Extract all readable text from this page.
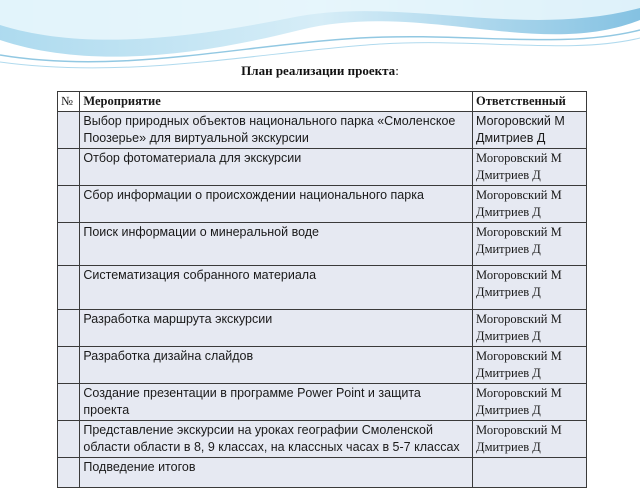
План реализации проекта:
№	Мероприятие	Ответственный
	Выбор природных объектов национального парка «Смоленское Поозерье» для виртуальной экскурсии	Могоровский М Дмитриев Д
	Отбор фотоматериала для экскурсии	Могоровский М Дмитриев Д
	Сбор информации о происхождении национального парка	Могоровский М Дмитриев Д
	Поиск информации о минеральной воде	Могоровский М Дмитриев Д
	Систематизация собранного материала	Могоровский М Дмитриев Д
	Разработка маршрута экскурсии	Могоровский М Дмитриев Д
	Разработка дизайна слайдов	Могоровский М Дмитриев Д
	Создание презентации в программе Power Point и защита проекта	Могоровский М Дмитриев Д
	Представление экскурсии на уроках географии Смоленской области области в 8, 9 классах, на классных часах в 5-7 классах	Могоровский М Дмитриев Д
	Подведение итогов	
